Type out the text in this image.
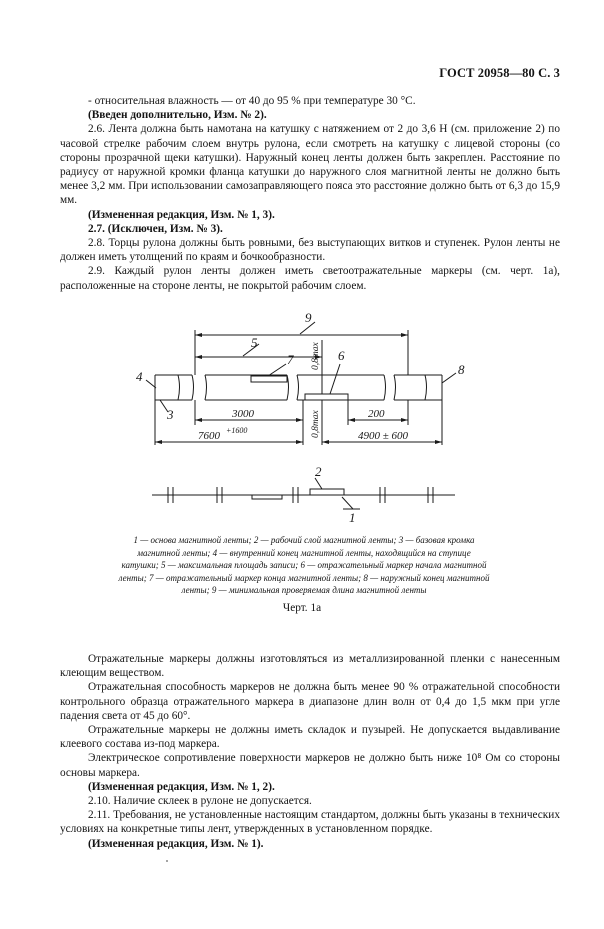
ГОСТ 20958—80 С. 3

- относительная влажность — от 40 до 95 % при температуре 30 °С.

(Введен дополнительно, Изм. № 2).

2.6. Лента должна быть намотана на катушку с натяжением от 2 до 3,6 Н (см. приложение 2) по часовой стрелке рабочим слоем внутрь рулона, если смотреть на катушку с лицевой стороны (со стороны прозрачной щеки катушки). Наружный конец ленты должен быть закреплен. Расстояние по радиусу от наружной кромки фланца катушки до наружного слоя магнитной ленты не должно быть менее 3,2 мм. При использовании самозаправляющего пояса это расстояние должно быть от 6,3 до 15,9 мм.

(Измененная редакция, Изм. № 1, 3).

2.7. (Исключен, Изм. № 3).

2.8. Торцы рулона должны быть ровными, без выступающих витков и ступенек. Рулон ленты не должен иметь утолщений по краям и бочкообразности.

2.9. Каждый рулон ленты должен иметь светоотражательные маркеры (см. черт. 1а), расположенные на стороне ленты, не покрытой рабочим слоем.

9
5
7	6
0,8max
0,8max
4	8
3	3000	200
7600 +1600	4900 ± 600
2
1
1 — основа магнитной ленты; 2 — рабочий слой магнитной ленты; 3 — базовая кромка магнитной ленты; 4 — внутренний конец магнитной ленты, находящийся на ступице катушки; 5 — максимальная площадь записи; 6 — отражательный маркер начала магнитной ленты; 7 — отражательный маркер конца магнитной ленты; 8 — наружный конец магнитной ленты; 9 — минимальная проверяемая длина магнитной ленты
Черт. 1а

Отражательные маркеры должны изготовляться из металлизированной пленки с нанесенным клеющим веществом.

Отражательная способность маркеров не должна быть менее 90 % отражательной способности контрольного образца отражательного маркера в диапазоне длин волн от 0,4 до 1,5 мкм при угле падения света от 45 до 60°.

Отражательные маркеры не должны иметь складок и пузырей. Не допускается выдавливание клеевого состава из-под маркера.

Электрическое сопротивление поверхности маркеров не должно быть ниже 10⁸ Ом со стороны основы маркера.

(Измененная редакция, Изм. № 1, 2).

2.10. Наличие склеек в рулоне не допускается.

2.11. Требования, не установленные настоящим стандартом, должны быть указаны в технических условиях на конкретные типы лент, утвержденных в установленном порядке.

(Измененная редакция, Изм. № 1).
